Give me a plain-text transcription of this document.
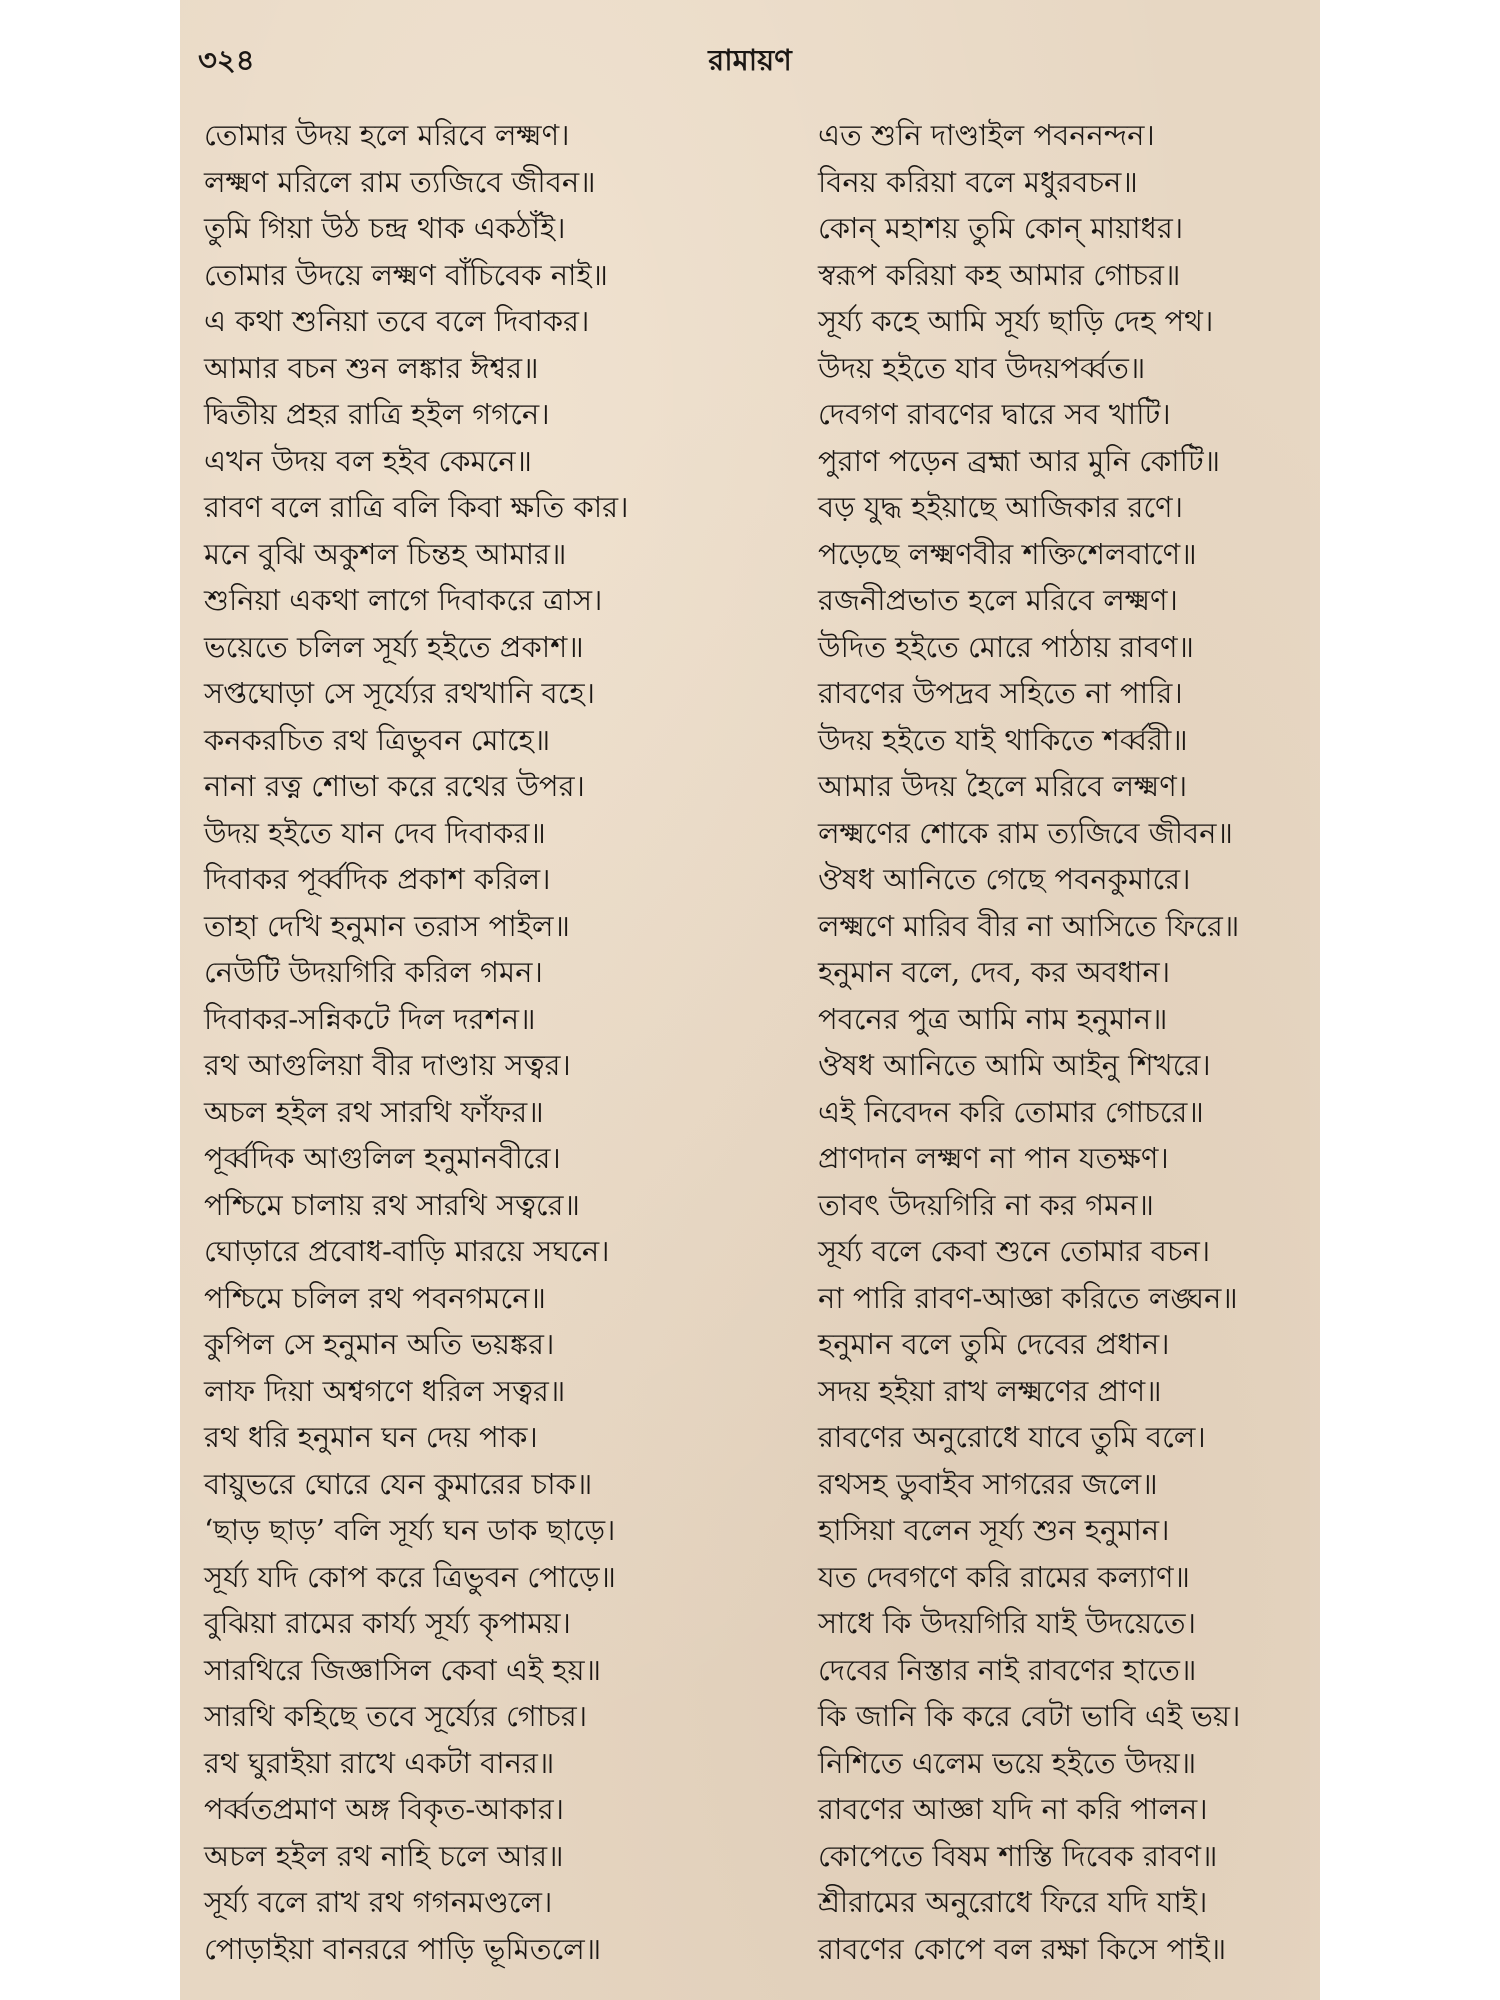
৩২৪	রামায়ণ
তোমার উদয় হলে মরিবে লক্ষ্মণ।
লক্ষ্মণ মরিলে রাম ত্যজিবে জীবন॥
তুমি গিয়া উঠ চন্দ্র থাক একঠাঁই।
তোমার উদয়ে লক্ষ্মণ বাঁচিবেক নাই॥
এ কথা শুনিয়া তবে বলে দিবাকর।
আমার বচন শুন লঙ্কার ঈশ্বর॥
দ্বিতীয় প্রহর রাত্রি হইল গগনে।
এখন উদয় বল হইব কেমনে॥
রাবণ বলে রাত্রি বলি কিবা ক্ষতি কার।
মনে বুঝি অকুশল চিন্তহ আমার॥
শুনিয়া একথা লাগে দিবাকরে ত্রাস।
ভয়েতে চলিল সূর্য্য হইতে প্রকাশ॥
সপ্তঘোড়া সে সূর্য্যের রথখানি বহে।
কনকরচিত রথ ত্রিভুবন মোহে॥
নানা রত্ন শোভা করে রথের উপর।
উদয় হইতে যান দেব দিবাকর॥
দিবাকর পূর্ব্বদিক প্রকাশ করিল।
তাহা দেখি হনুমান তরাস পাইল॥
নেউটি উদয়গিরি করিল গমন।
দিবাকর-সন্নিকটে দিল দরশন॥
রথ আগুলিয়া বীর দাণ্ডায় সত্বর।
অচল হইল রথ সারথি ফাঁফর॥
পূর্ব্বদিক আগুলিল হনুমানবীরে।
পশ্চিমে চালায় রথ সারথি সত্বরে॥
ঘোড়ারে প্রবোধ-বাড়ি মারয়ে সঘনে।
পশ্চিমে চলিল রথ পবনগমনে॥
কুপিল সে হনুমান অতি ভয়ঙ্কর।
লাফ দিয়া অশ্বগণে ধরিল সত্বর॥
রথ ধরি হনুমান ঘন দেয় পাক।
বায়ুভরে ঘোরে যেন কুমারের চাক॥
‘ছাড় ছাড়’ বলি সূর্য্য ঘন ডাক ছাড়ে।
সূর্য্য যদি কোপ করে ত্রিভুবন পোড়ে॥
বুঝিয়া রামের কার্য্য সূর্য্য কৃপাময়।
সারথিরে জিজ্ঞাসিল কেবা এই হয়॥
সারথি কহিছে তবে সূর্য্যের গোচর।
রথ ঘুরাইয়া রাখে একটা বানর॥
পর্ব্বতপ্রমাণ অঙ্গ বিকৃত-আকার।
অচল হইল রথ নাহি চলে আর॥
সূর্য্য বলে রাখ রথ গগনমণ্ডলে।
পোড়াইয়া বানররে পাড়ি ভূমিতলে॥
এত শুনি দাণ্ডাইল পবননন্দন।
বিনয় করিয়া বলে মধুরবচন॥
কোন্ মহাশয় তুমি কোন্ মায়াধর।
স্বরূপ করিয়া কহ আমার গোচর॥
সূর্য্য কহে আমি সূর্য্য ছাড়ি দেহ পথ।
উদয় হইতে যাব উদয়পর্ব্বত॥
দেবগণ রাবণের দ্বারে সব খাটি।
পুরাণ পড়েন ব্রহ্মা আর মুনি কোটি॥
বড় যুদ্ধ হইয়াছে আজিকার রণে।
পড়েছে লক্ষ্মণবীর শক্তিশেলবাণে॥
রজনীপ্রভাত হলে মরিবে লক্ষ্মণ।
উদিত হইতে মোরে পাঠায় রাবণ॥
রাবণের উপদ্রব সহিতে না পারি।
উদয় হইতে যাই থাকিতে শর্ব্বরী॥
আমার উদয় হৈলে মরিবে লক্ষ্মণ।
লক্ষ্মণের শোকে রাম ত্যজিবে জীবন॥
ঔষধ আনিতে গেছে পবনকুমারে।
লক্ষ্মণে মারিব বীর না আসিতে ফিরে॥
হনুমান বলে, দেব, কর অবধান।
পবনের পুত্র আমি নাম হনুমান॥
ঔষধ আনিতে আমি আইনু শিখরে।
এই নিবেদন করি তোমার গোচরে॥
প্রাণদান লক্ষ্মণ না পান যতক্ষণ।
তাবৎ উদয়গিরি না কর গমন॥
সূর্য্য বলে কেবা শুনে তোমার বচন।
না পারি রাবণ-আজ্ঞা করিতে লঙ্ঘন॥
হনুমান বলে তুমি দেবের প্রধান।
সদয় হইয়া রাখ লক্ষ্মণের প্রাণ॥
রাবণের অনুরোধে যাবে তুমি বলে।
রথসহ ডুবাইব সাগরের জলে॥
হাসিয়া বলেন সূর্য্য শুন হনুমান।
যত দেবগণে করি রামের কল্যাণ॥
সাধে কি উদয়গিরি যাই উদয়েতে।
দেবের নিস্তার নাই রাবণের হাতে॥
কি জানি কি করে বেটা ভাবি এই ভয়।
নিশিতে এলেম ভয়ে হইতে উদয়॥
রাবণের আজ্ঞা যদি না করি পালন।
কোপেতে বিষম শাস্তি দিবেক রাবণ॥
শ্রীরামের অনুরোধে ফিরে যদি যাই।
রাবণের কোপে বল রক্ষা কিসে পাই॥
